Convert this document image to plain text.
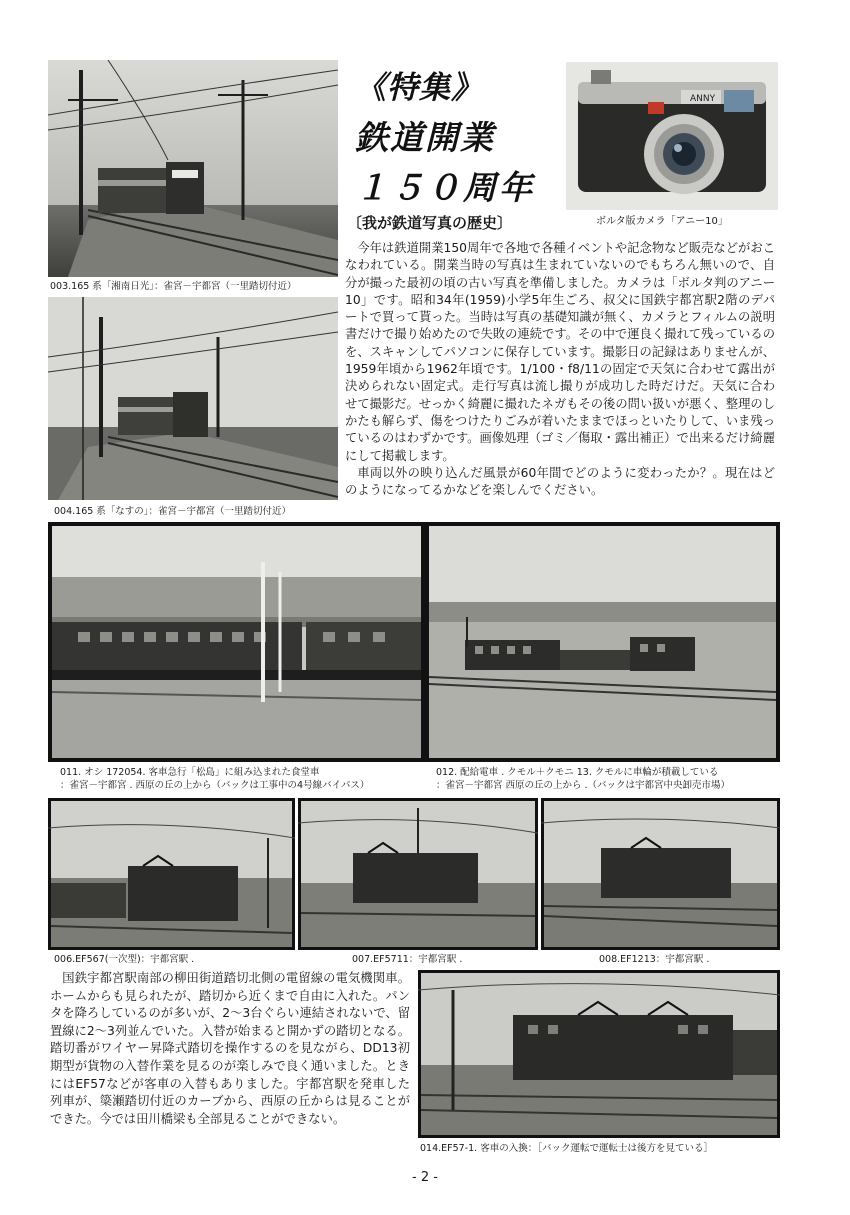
003.165 系「湘南日光」：雀宮－宇都宮（一里踏切付近）
004.165 系「なすの」：雀宮－宇都宮（一里踏切付近）
《特集》
鉄道開業
１５０周年
〔我が鉄道写真の歴史〕
ANNY
ボルタ版カメラ「アニー10」

今年は鉄道開業150周年で各地で各種イベントや記念物など販売などがおこなわれている。開業当時の写真は生まれていないのでもちろん無いので、自分が撮った最初の頃の古い写真を準備しました。カメラは「ボルタ判のアニー10」です。昭和34年(1959)小学5年生ごろ、叔父に国鉄宇都宮駅2階のデパートで買って貰った。当時は写真の基礎知識が無く、カメラとフィルムの説明書だけで撮り始めたので失敗の連続です。その中で運良く撮れて残っているのを、スキャンしてパソコンに保存しています。撮影日の記録はありませんが、1959年頃から1962年頃です。1/100・f8/11の固定で天気に合わせて露出が決められない固定式。走行写真は流し撮りが成功した時だけだ。天気に合わせて撮影だ。せっかく綺麗に撮れたネガもその後の問い扱いが悪く、整理のしかたも解らず、傷をつけたりごみが着いたままでほっといたりして、いま残っているのはわずかです。画像処理（ゴミ／傷取・露出補正）で出来るだけ綺麗にして掲載します。

車両以外の映り込んだ風景が60年間でどのように変わったか？。現在はどのようになってるかなどを楽しんでください。

011. オシ 172054. 客車急行「松島」に組み込まれた食堂車
：雀宮－宇都宮 . 西原の丘の上から（バックは工事中の4号線バイパス）
012. 配給電車 . クモル＋クモニ 13. クモルに車輪が積載している
：雀宮－宇都宮 西原の丘の上から .（バックは宇都宮中央卸売市場）
006.EF567(一次型)：宇都宮駅 .	007.EF5711：宇都宮駅 .	008.EF1213：宇都宮駅 .

国鉄宇都宮駅南部の柳田街道踏切北側の電留線の電気機関車。ホームからも見られたが、踏切から近くまで自由に入れた。パンタを降ろしているのが多いが、2～3台ぐらい連結されないで、留置線に2～3列並んでいた。入替が始まると開かずの踏切となる。踏切番がワイヤー昇降式踏切を操作するのを見ながら、DD13初期型が貨物の入替作業を見るのが楽しみで良く通いました。ときにはEF57などが客車の入替もありました。宇都宮駅を発車した列車が、簗瀬踏切付近のカーブから、西原の丘からは見ることができた。今では田川橋梁も全部見ることができない。

014.EF57-1. 客車の入換：［バック運転で運転士は後方を見ている］
- 2 -
